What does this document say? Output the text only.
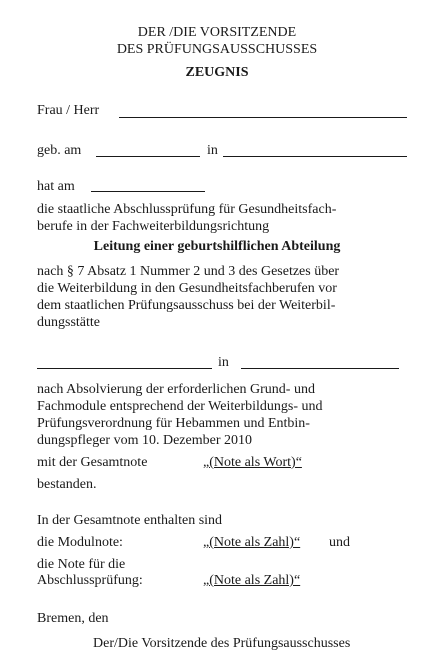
DER /DIE VORSITZENDE
DES PRÜFUNGSAUSSCHUSSES
ZEUGNIS
Frau / Herr
geb. am	in
hat am
die staatliche Abschlussprüfung für Gesundheitsfach-
berufe in der Fachweiterbildungsrichtung
Leitung einer geburtshilflichen Abteilung
nach § 7 Absatz 1 Nummer 2 und 3 des Gesetzes über
die Weiterbildung in den Gesundheitsfachberufen vor
dem staatlichen Prüfungsausschuss bei der Weiterbil-
dungsstätte
in
nach Absolvierung der erforderlichen Grund- und
Fachmodule entsprechend der Weiterbildungs- und
Prüfungsverordnung für Hebammen und Entbin-
dungspfleger vom 10. Dezember 2010
mit der Gesamtnote	„(Note als Wort)“
bestanden.
In der Gesamtnote enthalten sind
die Modulnote:	„(Note als Zahl)“ und
die Note für die
Abschlussprüfung:	„(Note als Zahl)“
Bremen, den
Der/Die Vorsitzende des Prüfungsausschusses
